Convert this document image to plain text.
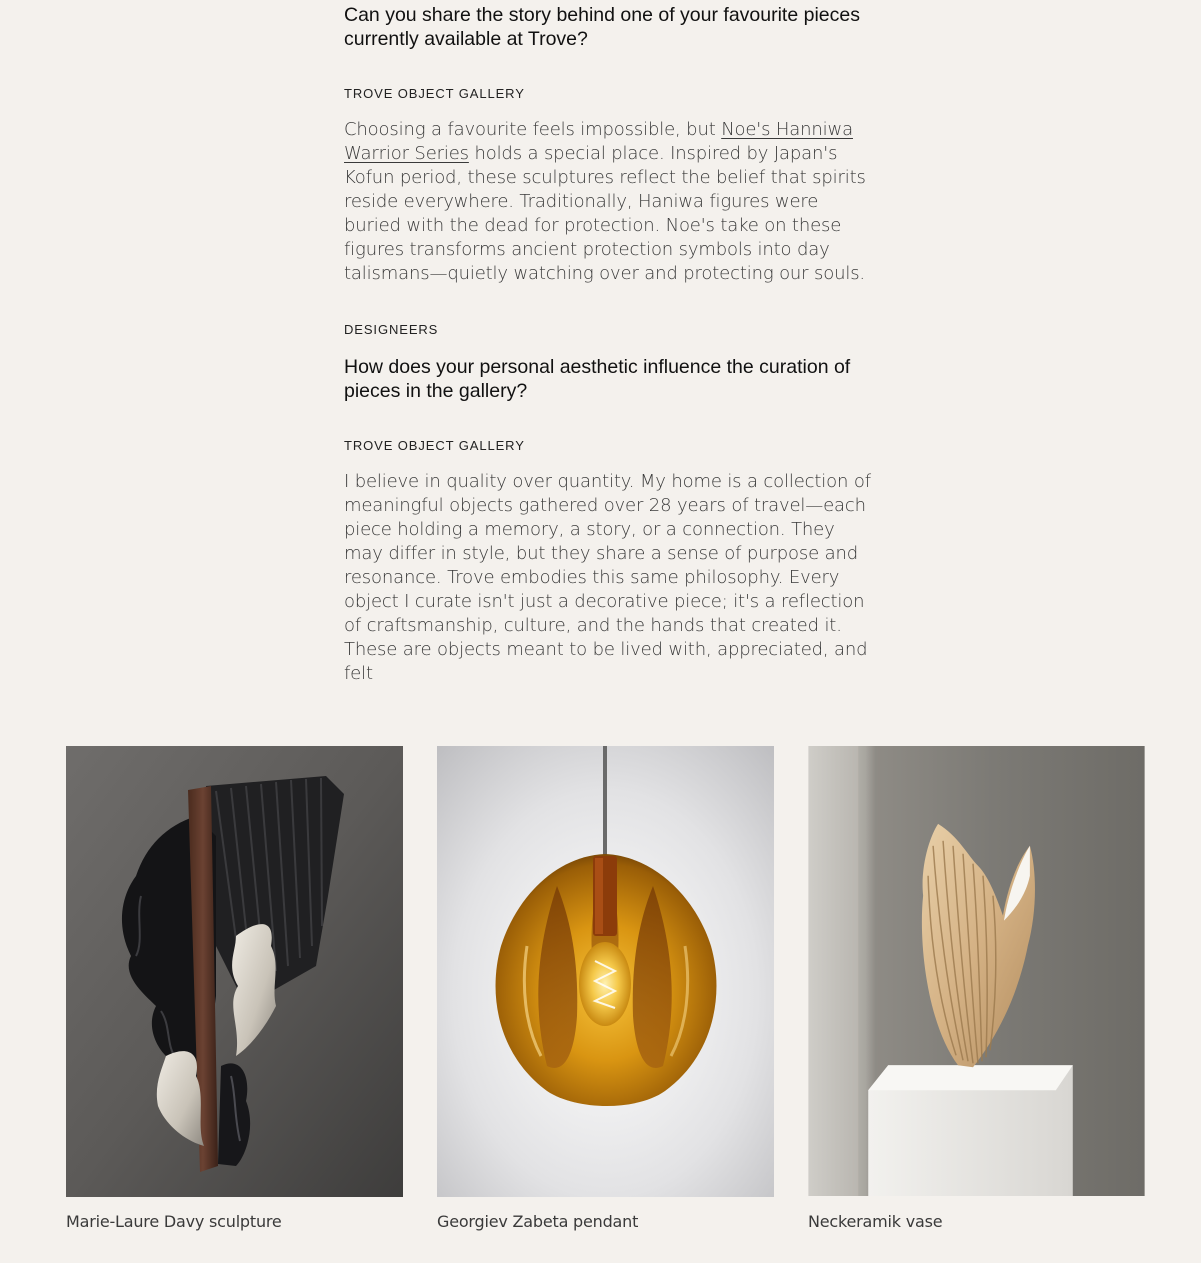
Can you share the story behind one of your favourite pieces currently available at Trove?

TROVE OBJECT GALLERY

Choosing a favourite feels impossible, but Noe's Hanniwa Warrior Series holds a special place. Inspired by Japan's Kofun period, these sculptures reflect the belief that spirits reside everywhere. Traditionally, Haniwa figures were buried with the dead for protection. Noe's take on these figures transforms ancient protection symbols into day talismans—quietly watching over and protecting our souls.

DESIGNEERS

How does your personal aesthetic influence the curation of pieces in the gallery?

TROVE OBJECT GALLERY

I believe in quality over quantity. My home is a collection of meaningful objects gathered over 28 years of travel—each piece holding a memory, a story, or a connection. They may differ in style, but they share a sense of purpose and resonance. Trove embodies this same philosophy. Every object I curate isn't just a decorative piece; it's a reflection of craftsmanship, culture, and the hands that created it. These are objects meant to be lived with, appreciated, and felt

Marie-Laure Davy sculpture	Georgiev Zabeta pendant	Neckeramik vase
